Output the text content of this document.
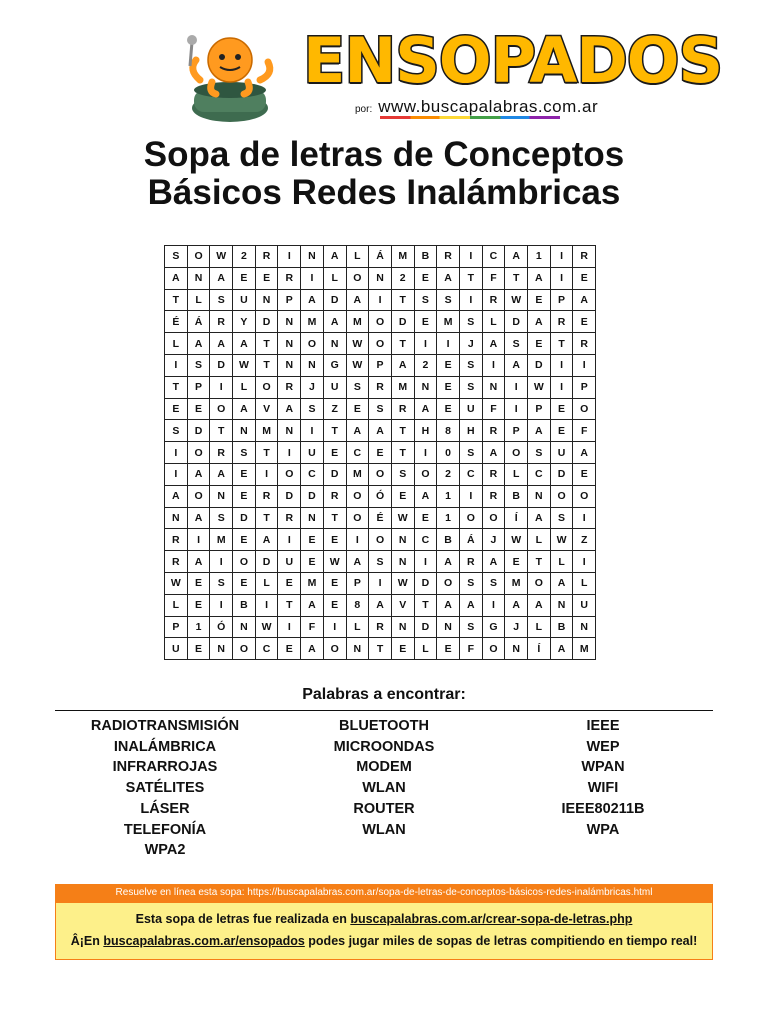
ENSOPADOS
por: www.buscapalabras.com.ar
Sopa de letras de Conceptos
Básicos Redes Inalámbricas
S	O	W	2	R	I	N	A	L	Á	M	B	R	I	C	A	1	I	R
A	N	A	E	E	R	I	L	O	N	2	E	A	T	F	T	A	I	E
T	L	S	U	N	P	A	D	A	I	T	S	S	I	R	W	E	P	A
É	Á	R	Y	D	N	M	A	M	O	D	E	M	S	L	D	A	R	E
L	A	A	A	T	N	O	N	W	O	T	I	I	J	A	S	E	T	R
I	S	D	W	T	N	N	G	W	P	A	2	E	S	I	A	D	I	I
T	P	I	L	O	R	J	U	S	R	M	N	E	S	N	I	W	I	P
E	E	O	A	V	A	S	Z	E	S	R	A	E	U	F	I	P	E	O
S	D	T	N	M	N	I	T	A	A	T	H	8	H	R	P	A	E	F
I	O	R	S	T	I	U	E	C	E	T	I	0	S	A	O	S	U	A
I	A	A	E	I	O	C	D	M	O	S	O	2	C	R	L	C	D	E
A	O	N	E	R	D	D	R	O	Ó	E	A	1	I	R	B	N	O	O
N	A	S	D	T	R	N	T	O	É	W	E	1	O	O	Í	A	S	I
R	I	M	E	A	I	E	E	I	O	N	C	B	Á	J	W	L	W	Z
R	A	I	O	D	U	E	W	A	S	N	I	A	R	A	E	T	L	I
W	E	S	E	L	E	M	E	P	I	W	D	O	S	S	M	O	A	L
L	E	I	B	I	T	A	E	8	A	V	T	A	A	I	A	A	N	U
P	1	Ó	N	W	I	F	I	L	R	N	D	N	S	G	J	L	B	N
U	E	N	O	C	E	A	O	N	T	E	L	E	F	O	N	Í	A	M
Palabras a encontrar:
RADIOTRANSMISIÓN
INALÁMBRICA
INFRARROJAS
SATÉLITES
LÁSER
TELEFONÍA
WPA2
BLUETOOTH
MICROONDAS
MODEM
WLAN
ROUTER
WLAN
IEEE
WEP
WPAN
WIFI
IEEE80211B
WPA
Resuelve en línea esta sopa: https://buscapalabras.com.ar/sopa-de-letras-de-conceptos-básicos-redes-inalámbricas.html
Esta sopa de letras fue realizada en buscapalabras.com.ar/crear-sopa-de-letras.php
Â¡En buscapalabras.com.ar/ensopados podes jugar miles de sopas de letras compitiendo en tiempo real!
